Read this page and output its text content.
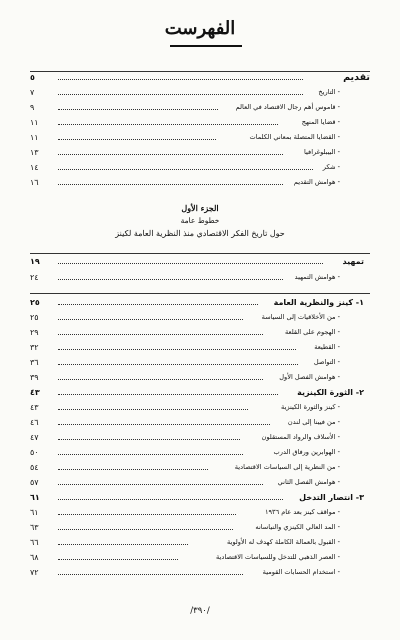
الفهرست
تقديم
٥
- التاريخ
٧
- قاموس أهم رجال الاقتصاد في العالم
٩
- قضايا المنهج
١١
- القضايا المتصلة بمعاني الكلمات
١١
- البيبلوغرافيا
١٣
- شكر
١٤
- هوامش التقديم
١٦
الجزء الأول
خطوط عامة
حول تاريخ الفكر الاقتصادي منذ النظرية العامة لكينز
تمهيد
١٩
- هوامش التمهيد
٢٤
١- كينز والنظرية العامة
٢٥
- من الأخلاقيات إلى السياسة
٢٥
- الهجوم على القلعة
٢٩
- القطيعة
٣٢
- التواصل
٣٦
- هوامش الفصل الأول
٣٩
٢- الثورة الكينزية
٤٣
- كينز والثورة الكينزية
٤٣
- من فيينا إلى لندن
٤٦
- الأسلاف والرواد المستقلون
٤٧
- الهوابرين ورفاق الدرب
٥٠
- من النظرية إلى السياسات الاقتصادية
٥٤
- هوامش الفصل الثاني
٥٧
٣- انتصار التدخل
٦١
- مواقف كينز بعد عام ١٩٣٦
٦١
- المد العالي الكينزي والنياسانه
٦٣
- القبول بالعمالة الكاملة كهدف له الأولوية
٦٦
- العصر الذهبي للتدخل وللسياسات الاقتصادية
٦٨
- استخدام الحسابات القومية
٧٢
/٣٩٠/
